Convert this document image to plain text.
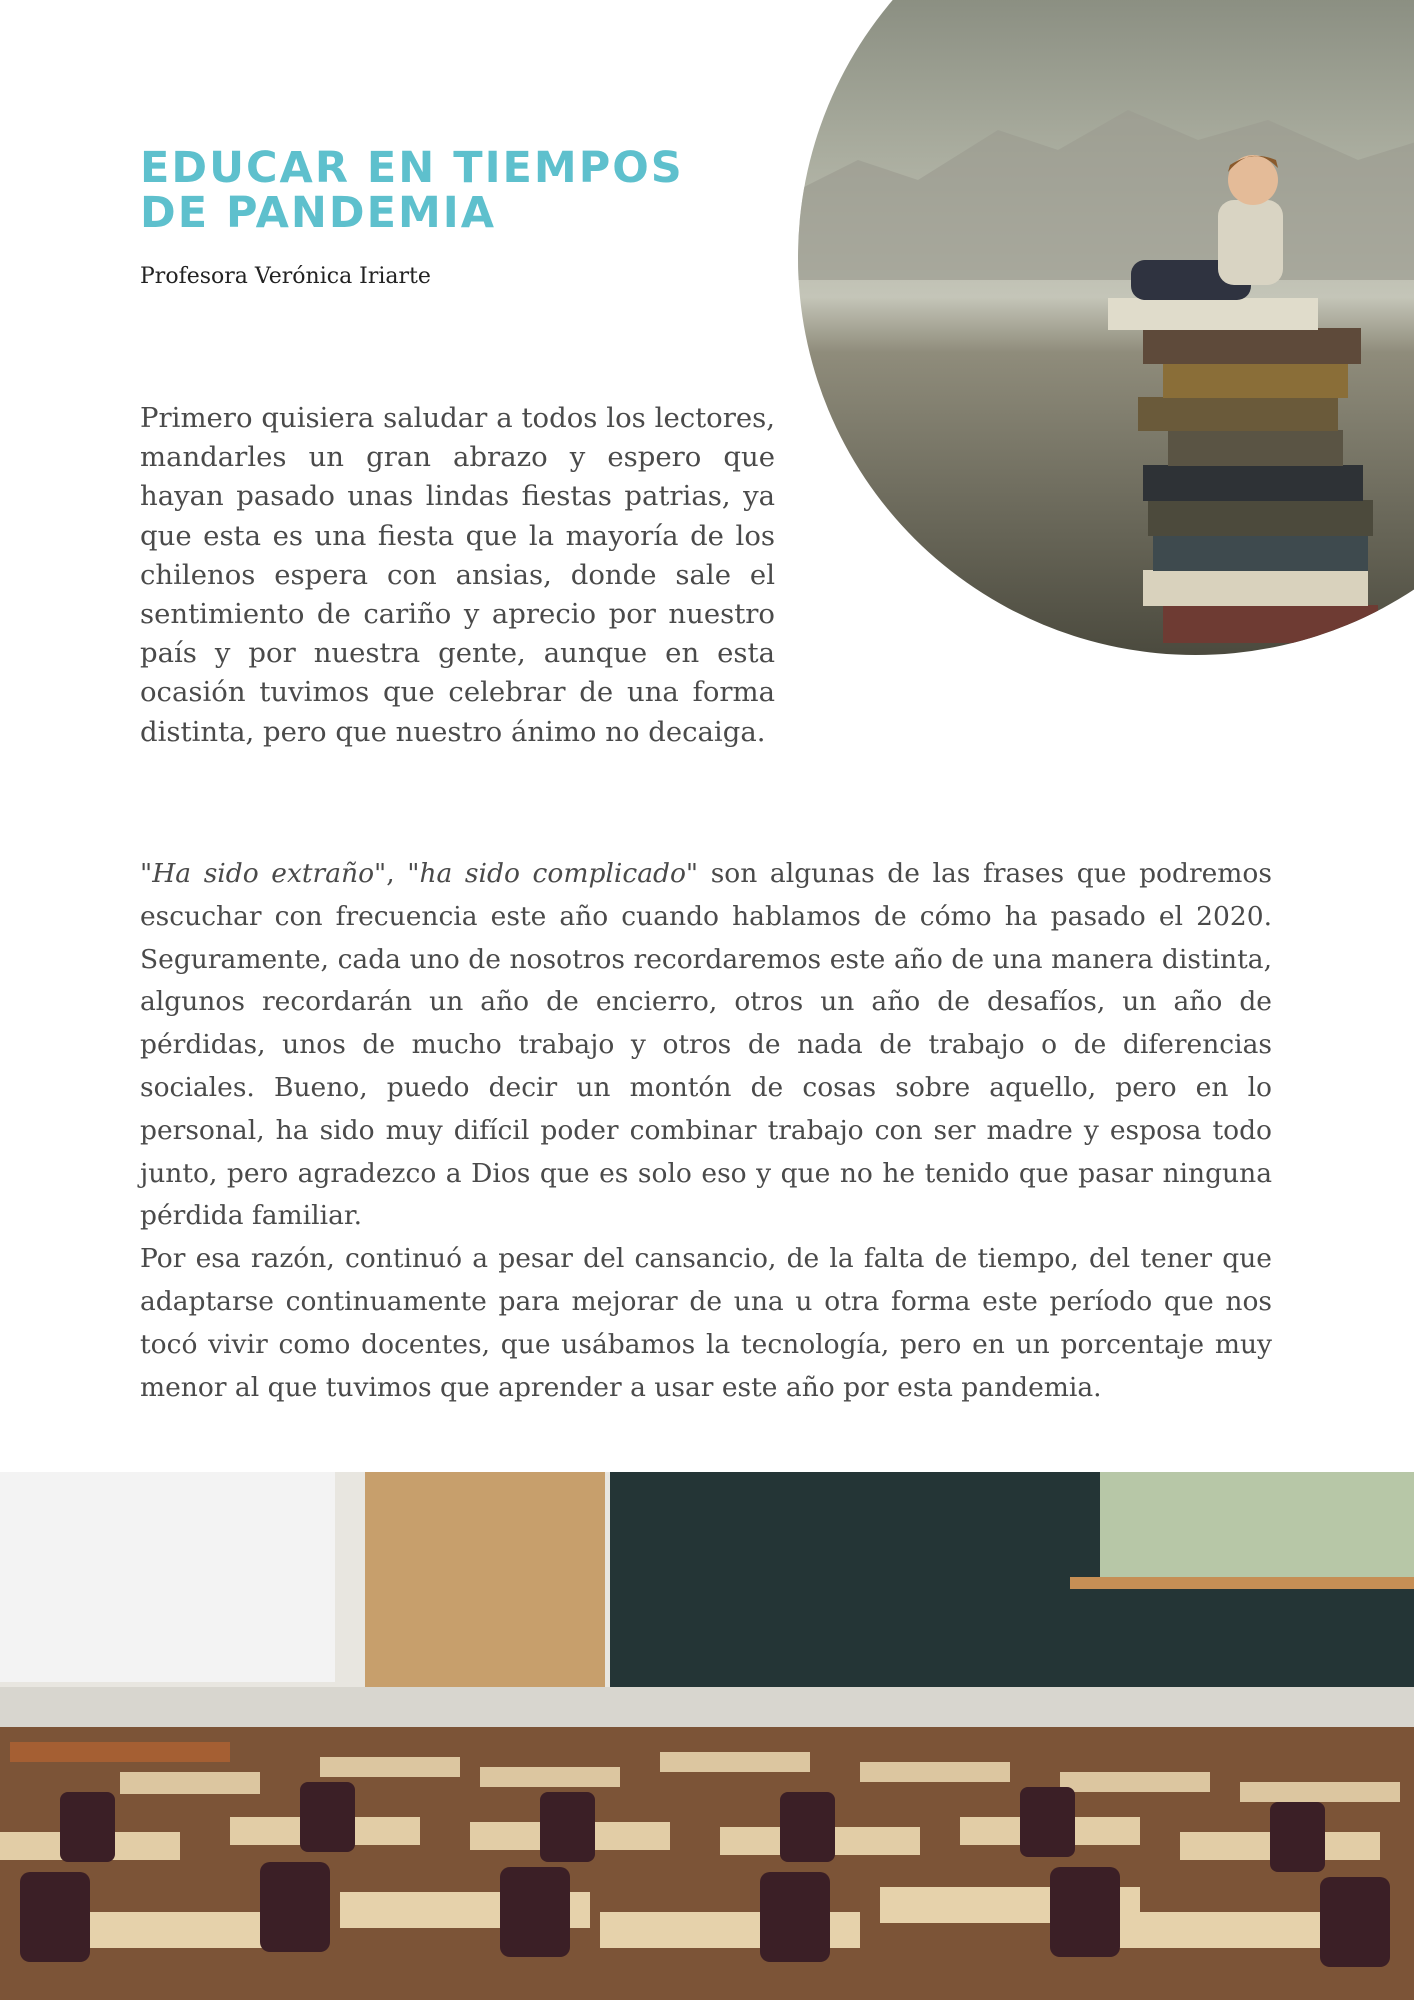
EDUCAR EN TIEMPOS
DE PANDEMIA

Profesora Verónica Iriarte

Primero quisiera saludar a todos los lectores, mandarles un gran abrazo y espero que hayan pasado unas lindas fiestas patrias, ya que esta es una fiesta que la mayoría de los chilenos espera con ansias, donde sale el sentimiento de cariño y aprecio por nuestro país y por nuestra gente, aunque en esta ocasión tuvimos que celebrar de una forma distinta, pero que nuestro ánimo no decaiga.

"Ha sido extraño", "ha sido complicado" son algunas de las frases que podremos escuchar con frecuencia este año cuando hablamos de cómo ha pasado el 2020. Seguramente, cada uno de nosotros recordaremos este año de una manera distinta, algunos recordarán un año de encierro, otros un año de desafíos, un año de pérdidas, unos de mucho trabajo y otros de nada de trabajo o de diferencias sociales. Bueno, puedo decir un montón de cosas sobre aquello, pero en lo personal, ha sido muy difícil poder combinar trabajo con ser madre y esposa todo junto, pero agradezco a Dios que es solo eso y que no he tenido que pasar ninguna pérdida familiar.

Por esa razón, continuó a pesar del cansancio, de la falta de tiempo, del tener que adaptarse continuamente para mejorar de una u otra forma este período que nos tocó vivir como docentes, que usábamos la tecnología, pero en un porcentaje muy menor al que tuvimos que aprender a usar este año por esta pandemia.
